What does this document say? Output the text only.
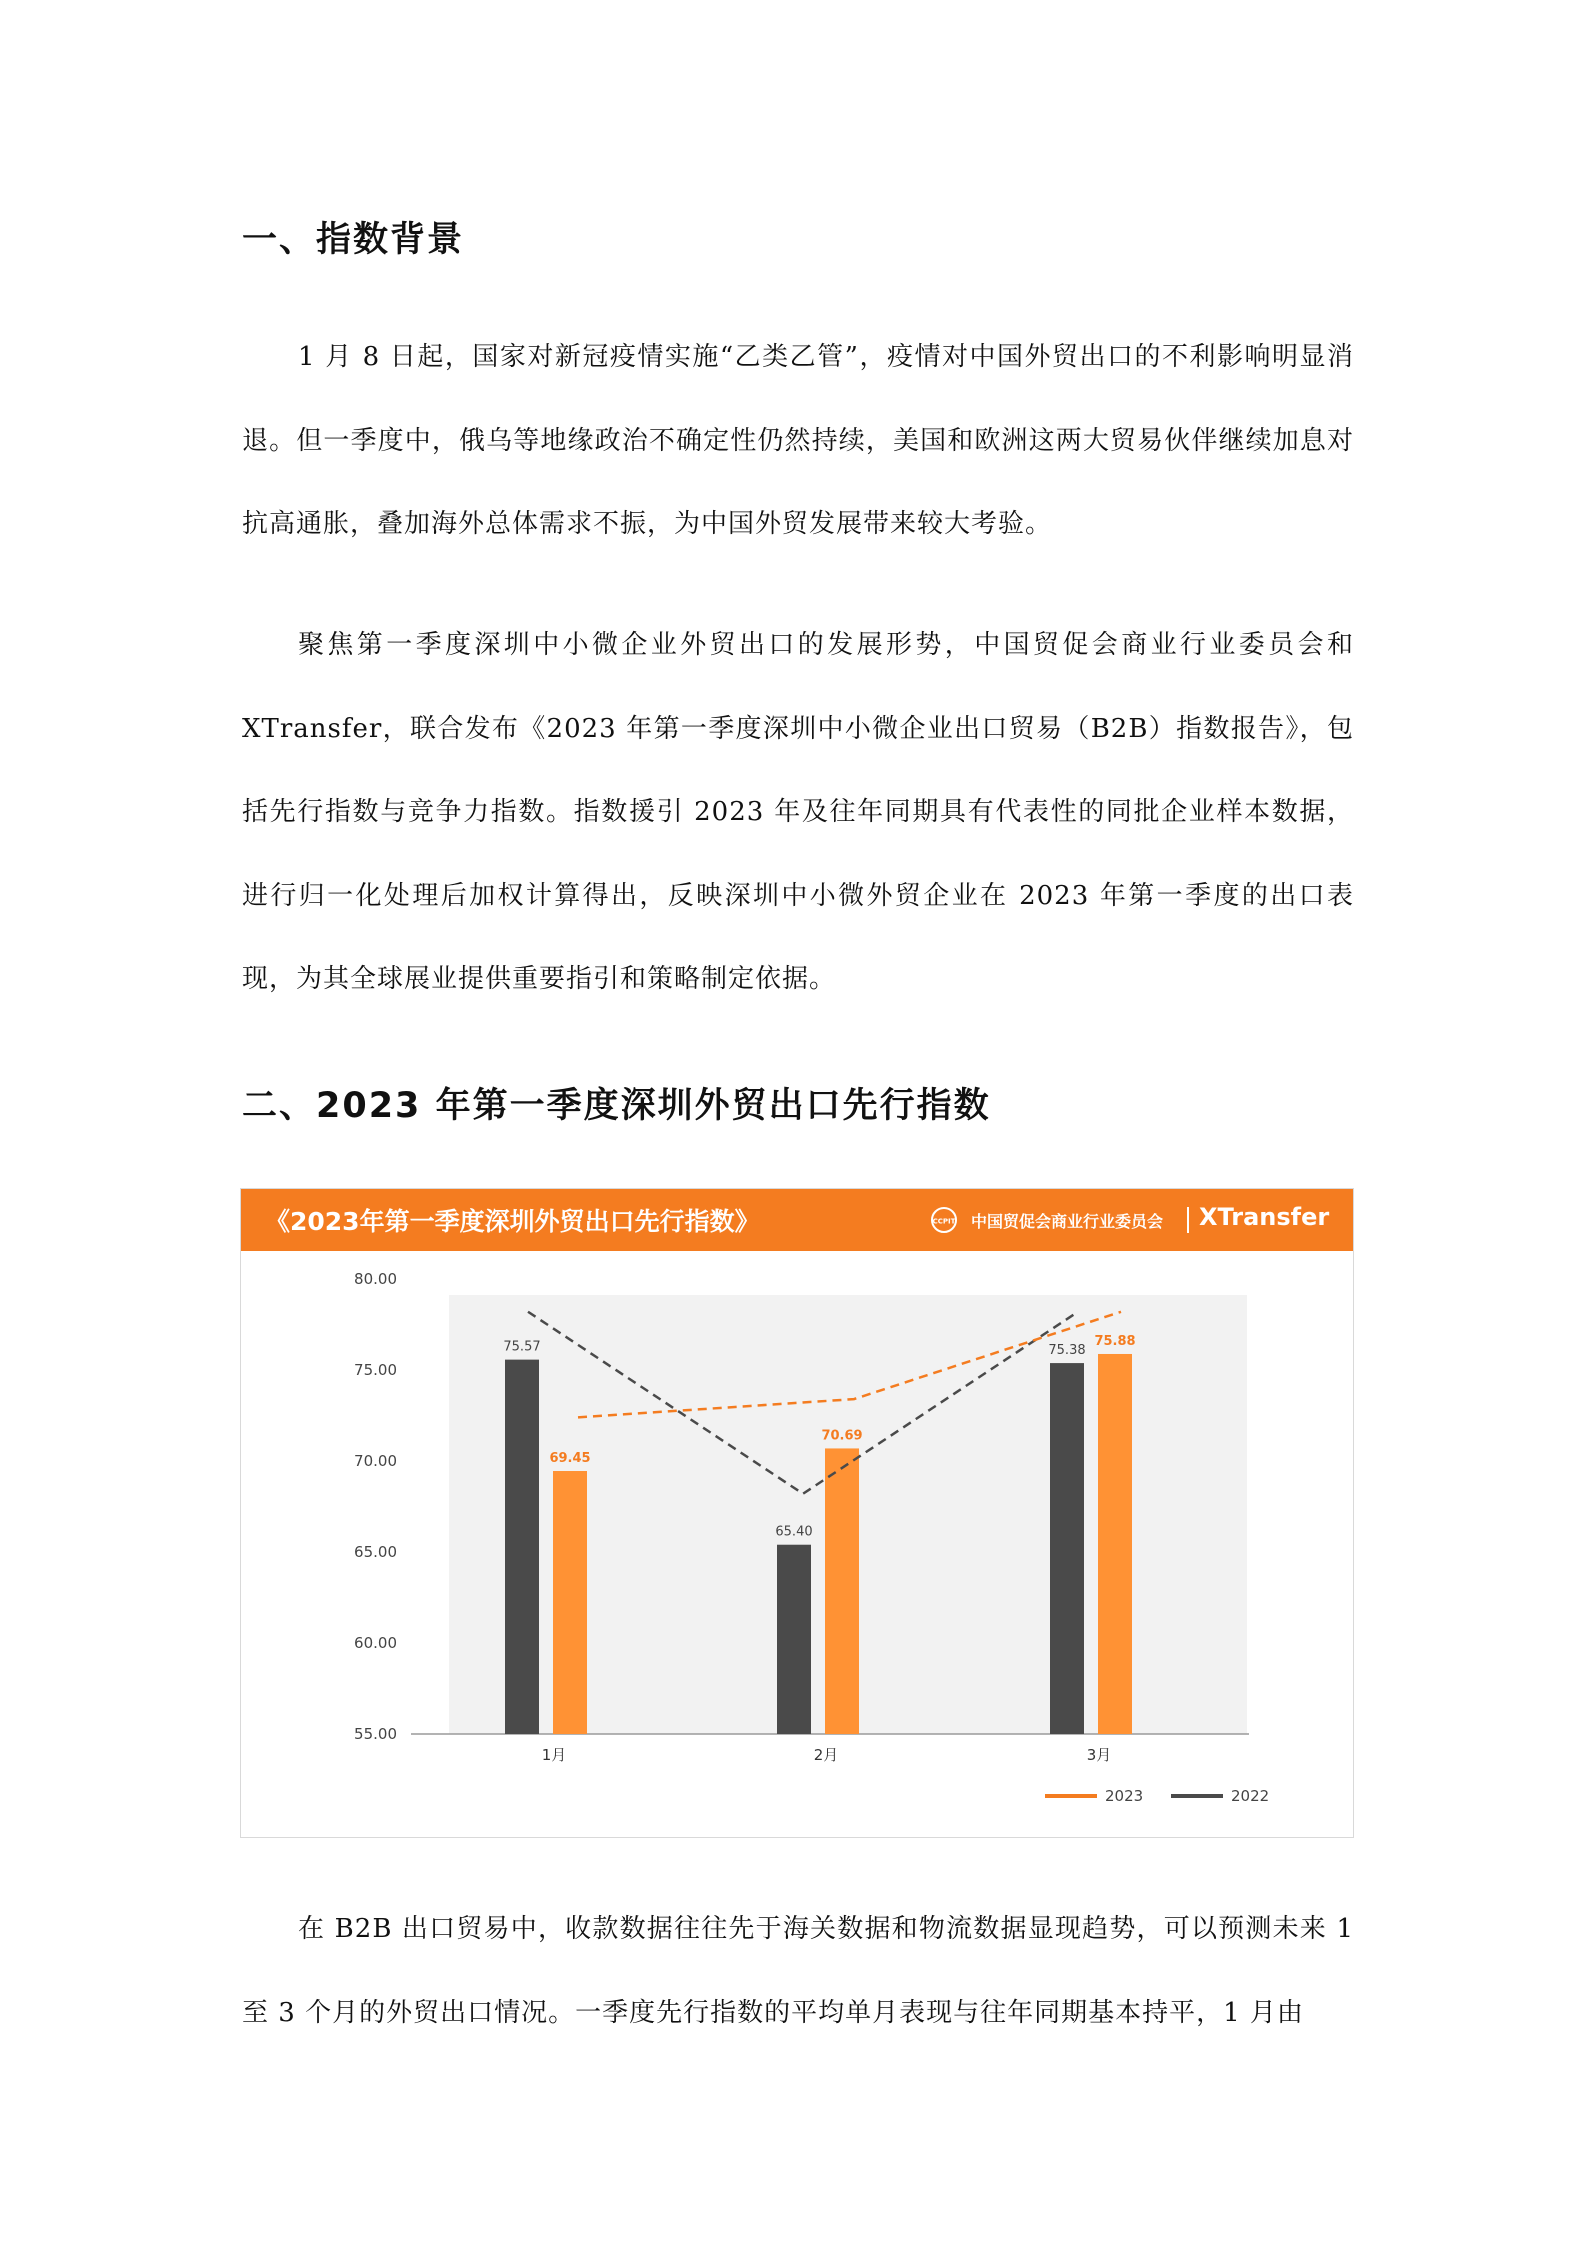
一、指数背景

1 月 8 日起，国家对新冠疫情实施“乙类乙管”，疫情对中国外贸出口的不利影响明显消退。但一季度中，俄乌等地缘政治不确定性仍然持续，美国和欧洲这两大贸易伙伴继续加息对抗高通胀，叠加海外总体需求不振，为中国外贸发展带来较大考验。

聚焦第一季度深圳中小微企业外贸出口的发展形势，中国贸促会商业行业委员会和 XTransfer，联合发布《2023 年第一季度深圳中小微企业出口贸易（B2B）指数报告》，包括先行指数与竞争力指数。指数援引 2023 年及往年同期具有代表性的同批企业样本数据，进行归一化处理后加权计算得出，反映深圳中小微外贸企业在 2023 年第一季度的出口表现，为其全球展业提供重要指引和策略制定依据。

二、2023 年第一季度深圳外贸出口先行指数
《2023年第一季度深圳外贸出口先行指数》	CCPIT 中国贸促会商业行业委员会 XTransfer
55.00
60.00
65.00
70.00
75.00
80.00
75.57
69.45
1月
65.40
70.69
2月
75.38
75.88
3月
2023	2022

在 B2B 出口贸易中，收款数据往往先于海关数据和物流数据显现趋势，可以预测未来 1 至 3 个月的外贸出口情况。一季度先行指数的平均单月表现与往年同期基本持平，1 月由
